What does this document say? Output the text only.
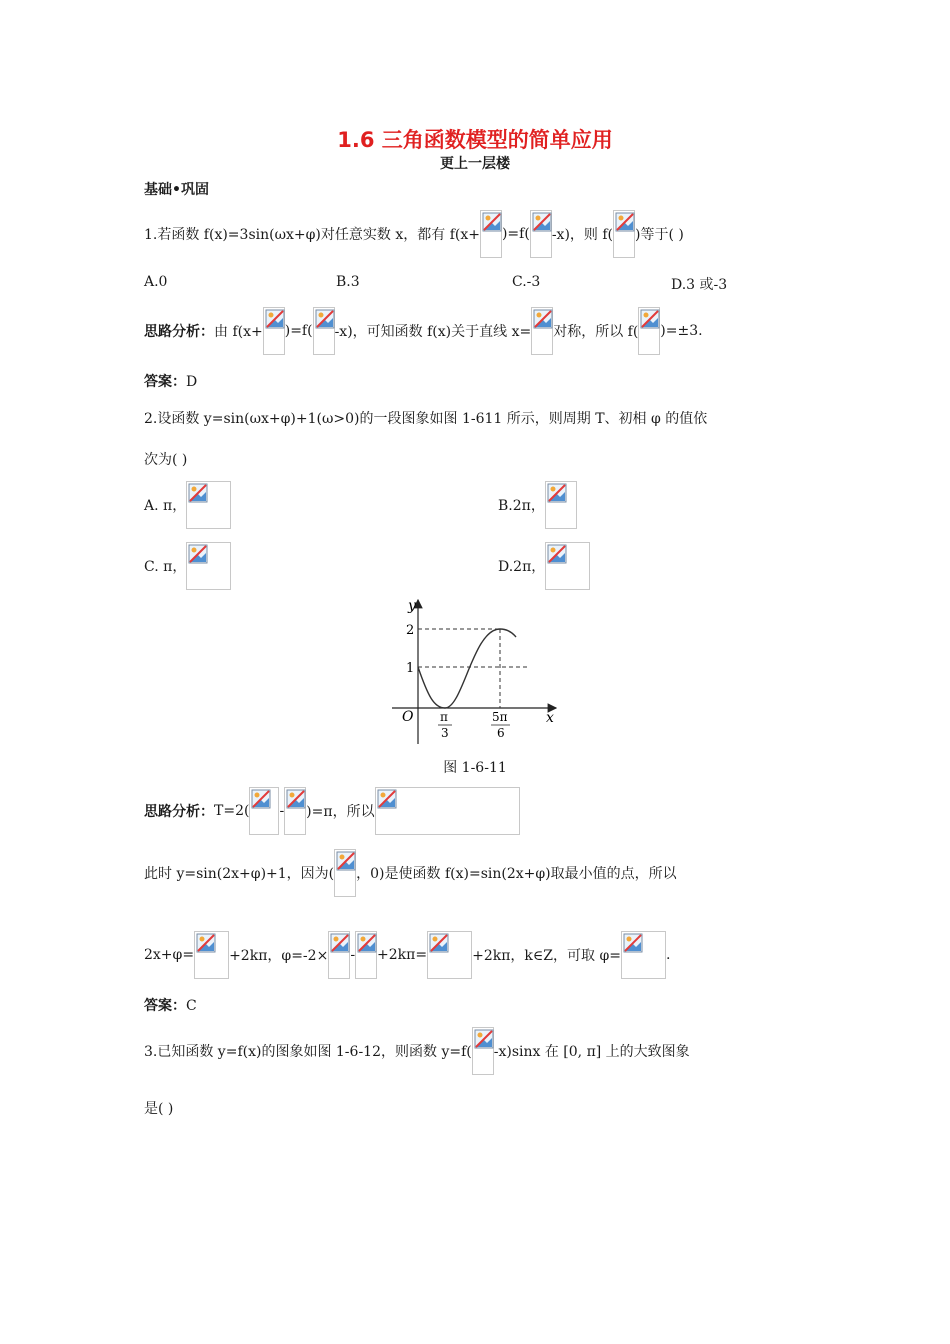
1.6 三角函数模型的简单应用
更上一层楼
基础•巩固
1.若函数 f(x)=3sin(ωx+φ)对任意实数 x，都有 f(x+ )=f( -x)，则 f( )等于( )
A.0	B.3	C.-3	D.3 或-3
思路分析： 由 f(x+ )=f( -x)，可知函数 f(x)关于直线 x= 对称，所以 f( )=±3.
答案：D
2.设函数 y=sin(ωx+φ)+1(ω>0)的一段图象如图 1-611 所示，则周期 T、初相 φ 的值依
次为( )
A. π，	B.2π，
C. π，	D.2π，
y
x
O
1
2
π
3
5π
6
图 1-6-11
思路分析： T=2( - )=π，所以
此时 y=sin(2x+φ)+1，因为( ，0)是使函数 f(x)=sin(2x+φ)取最小值的点，所以
2x+φ=	+2kπ，φ=-2× - +2kπ=	+2kπ，k∈Z，可取 φ=	.
答案：C
3.已知函数 y=f(x)的图象如图 1-6-12，则函数 y=f( -x)sinx 在 [0, π] 上的大致图象
是( )
